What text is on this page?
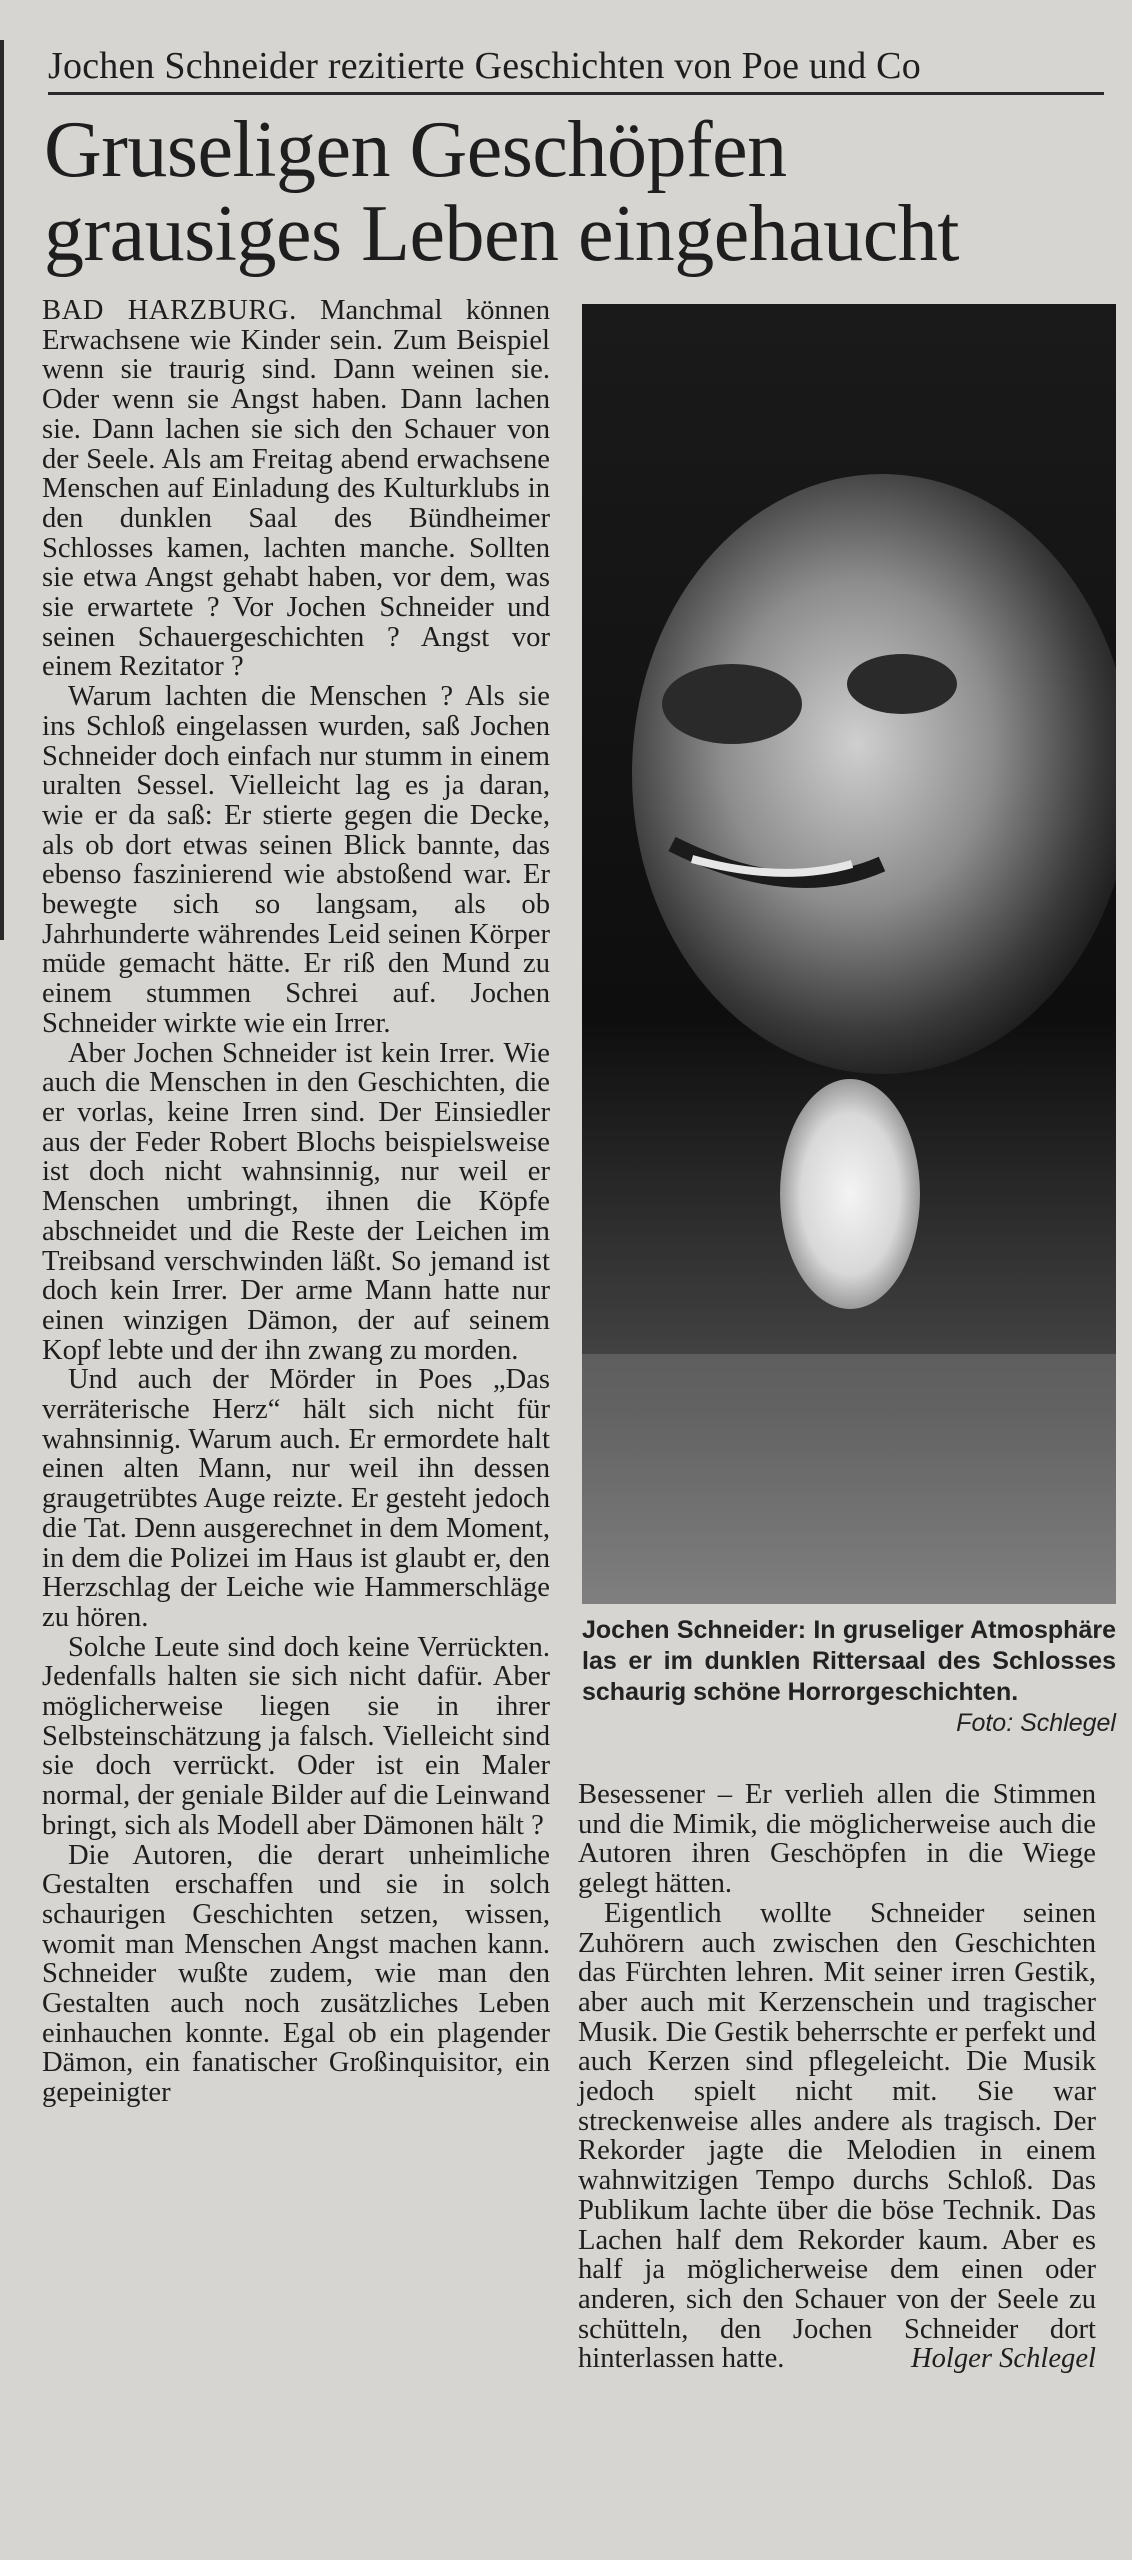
Jochen Schneider rezitierte Geschichten von Poe und Co
Gruseligen Geschöpfen
grausiges Leben eingehaucht

BAD HARZBURG. Manchmal können Erwachsene wie Kinder sein. Zum Beispiel wenn sie traurig sind. Dann weinen sie. Oder wenn sie Angst haben. Dann lachen sie. Dann lachen sie sich den Schauer von der Seele. Als am Freitag abend erwachsene Menschen auf Einladung des Kulturklubs in den dunklen Saal des Bündheimer Schlosses kamen, lachten manche. Sollten sie etwa Angst gehabt haben, vor dem, was sie erwartete ? Vor Jochen Schneider und seinen Schauergeschichten ? Angst vor einem Rezitator ?

Warum lachten die Menschen ? Als sie ins Schloß eingelassen wurden, saß Jochen Schneider doch einfach nur stumm in einem uralten Sessel. Vielleicht lag es ja daran, wie er da saß: Er stierte gegen die Decke, als ob dort etwas seinen Blick bannte, das ebenso faszinierend wie abstoßend war. Er bewegte sich so langsam, als ob Jahrhunderte währendes Leid seinen Körper müde gemacht hätte. Er riß den Mund zu einem stummen Schrei auf. Jochen Schneider wirkte wie ein Irrer.

Aber Jochen Schneider ist kein Irrer. Wie auch die Menschen in den Geschichten, die er vorlas, keine Irren sind. Der Einsiedler aus der Feder Robert Blochs beispielsweise ist doch nicht wahnsinnig, nur weil er Menschen umbringt, ihnen die Köpfe abschneidet und die Reste der Leichen im Treibsand verschwinden läßt. So jemand ist doch kein Irrer. Der arme Mann hatte nur einen winzigen Dämon, der auf seinem Kopf lebte und der ihn zwang zu morden.

Und auch der Mörder in Poes „Das verräterische Herz“ hält sich nicht für wahnsinnig. Warum auch. Er ermordete halt einen alten Mann, nur weil ihn dessen graugetrübtes Auge reizte. Er gesteht jedoch die Tat. Denn ausgerechnet in dem Moment, in dem die Polizei im Haus ist glaubt er, den Herzschlag der Leiche wie Hammerschläge zu hören.

Solche Leute sind doch keine Verrückten. Jedenfalls halten sie sich nicht dafür. Aber möglicherweise liegen sie in ihrer Selbsteinschätzung ja falsch. Vielleicht sind sie doch verrückt. Oder ist ein Maler normal, der geniale Bilder auf die Leinwand bringt, sich als Modell aber Dämonen hält ?

Die Autoren, die derart unheimliche Gestalten erschaffen und sie in solch schaurigen Geschichten setzen, wissen, womit man Menschen Angst machen kann. Schneider wußte zudem, wie man den Gestalten auch noch zusätzliches Leben einhauchen konnte. Egal ob ein plagender Dämon, ein fanatischer Großinquisitor, ein gepeinigter

Jochen Schneider: In gruseliger Atmosphäre las er im dunklen Rittersaal des Schlosses schaurig schöne Horrorgeschichten.
Foto: Schlegel

Besessener – Er verlieh allen die Stimmen und die Mimik, die möglicherweise auch die Autoren ihren Geschöpfen in die Wiege gelegt hätten.

Eigentlich wollte Schneider seinen Zuhörern auch zwischen den Geschichten das Fürchten lehren. Mit seiner irren Gestik, aber auch mit Kerzenschein und tragischer Musik. Die Gestik beherrschte er perfekt und auch Kerzen sind pflegeleicht. Die Musik jedoch spielt nicht mit. Sie war streckenweise alles andere als tragisch. Der Rekorder jagte die Melodien in einem wahnwitzigen Tempo durchs Schloß. Das Publikum lachte über die böse Technik. Das Lachen half dem Rekorder kaum. Aber es half ja möglicherweise dem einen oder anderen, sich den Schauer von der Seele zu schütteln, den Jochen Schneider dort hinterlassen hatte.	Holger Schlegel
